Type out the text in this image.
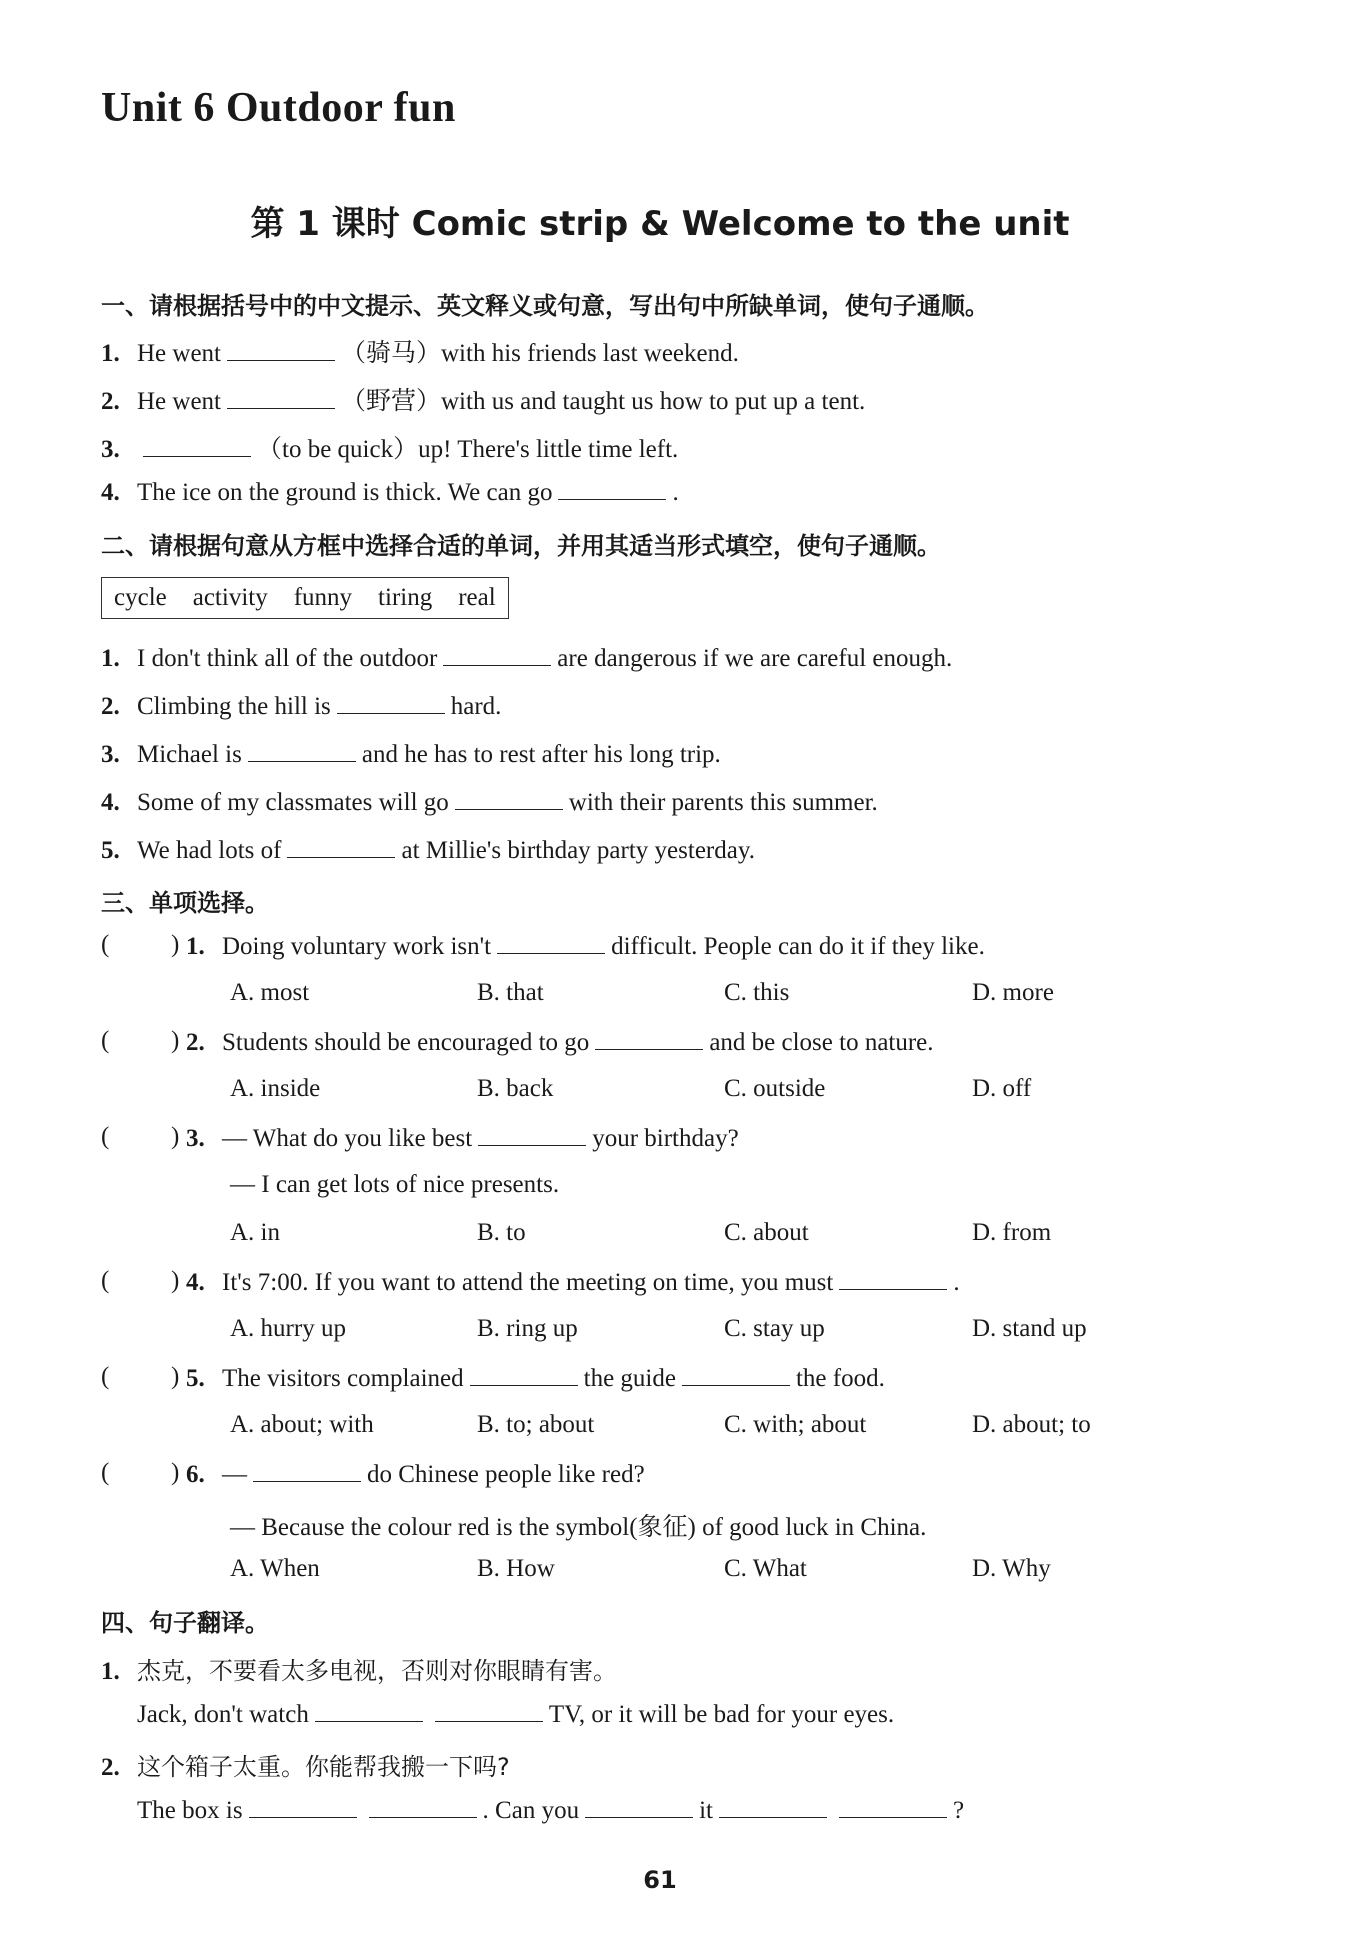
Unit 6 Outdoor fun
第 1 课时 Comic strip & Welcome to the unit
一、请根据括号中的中文提示、英文释义或句意，写出句中所缺单词，使句子通顺。
1. He went	（骑马）with his friends last weekend.
2. He went	（野营）with us and taught us how to put up a tent.
3.	（to be quick）up! There's little time left.
4. The ice on the ground is thick. We can go	.
二、请根据句意从方框中选择合适的单词，并用其适当形式填空，使句子通顺。
cycle activity funny tiring real
1. I don't think all of the outdoor	are dangerous if we are careful enough.
2. Climbing the hill is	hard.
3. Michael is	and he has to rest after his long trip.
4. Some of my classmates will go	with their parents this summer.
5. We had lots of	at Millie's birthday party yesterday.
三、单项选择。
( ) 1. Doing voluntary work isn't	difficult. People can do it if they like.
A. most	B. that	C. this	D. more
( ) 2. Students should be encouraged to go	and be close to nature.
A. inside	B. back	C. outside	D. off
( ) 3. — What do you like best	your birthday?
— I can get lots of nice presents.
A. in	B. to	C. about	D. from
( ) 4. It's 7:00. If you want to attend the meeting on time, you must	.
A. hurry up	B. ring up	C. stay up	D. stand up
( ) 5. The visitors complained	the guide	the food.
A. about; with	B. to; about	C. with; about	D. about; to
( ) 6. —	do Chinese people like red?
— Because the colour red is the symbol(象征) of good luck in China.
A. When	B. How	C. What	D. Why
四、句子翻译。
1. 杰克，不要看太多电视，否则对你眼睛有害。
Jack, don't watch	TV, or it will be bad for your eyes.
2. 这个箱子太重。你能帮我搬一下吗?
The box is	. Can you	it	?
61
